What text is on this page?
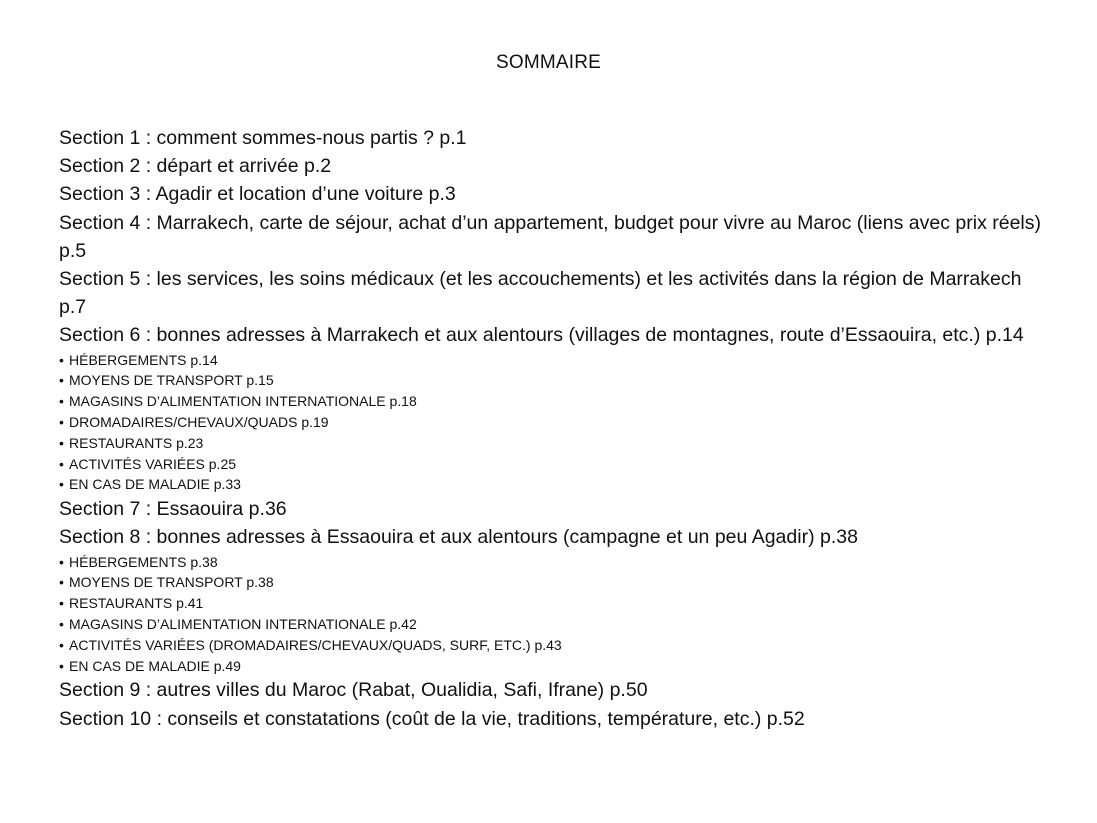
SOMMAIRE

Section 1 : comment sommes-nous partis ? p.1

Section 2 : départ et arrivée p.2

Section 3 : Agadir et location d’une voiture p.3

Section 4 : Marrakech, carte de séjour, achat d’un appartement, budget pour vivre au Maroc (liens avec prix réels) p.5

Section 5 : les services, les soins médicaux (et les accouchements) et les activités dans la région de Marrakech p.7

Section 6 : bonnes adresses à Marrakech et aux alentours (villages de montagnes, route d’Essaouira, etc.) p.14

• HÉBERGEMENTS p.14

• MOYENS DE TRANSPORT p.15

• MAGASINS D’ALIMENTATION INTERNATIONALE p.18

• DROMADAIRES/CHEVAUX/QUADS p.19

• RESTAURANTS p.23

• ACTIVITÉS VARIÉES p.25

• EN CAS DE MALADIE p.33

Section 7 : Essaouira p.36

Section 8 : bonnes adresses à Essaouira et aux alentours (campagne et un peu Agadir) p.38

• HÉBERGEMENTS p.38

• MOYENS DE TRANSPORT p.38

• RESTAURANTS p.41

• MAGASINS D’ALIMENTATION INTERNATIONALE p.42

• ACTIVITÉS VARIÉES (DROMADAIRES/CHEVAUX/QUADS, SURF, ETC.) p.43

• EN CAS DE MALADIE p.49

Section 9 : autres villes du Maroc (Rabat, Oualidia, Safi, Ifrane) p.50

Section 10 : conseils et constatations (coût de la vie, traditions, température, etc.) p.52
